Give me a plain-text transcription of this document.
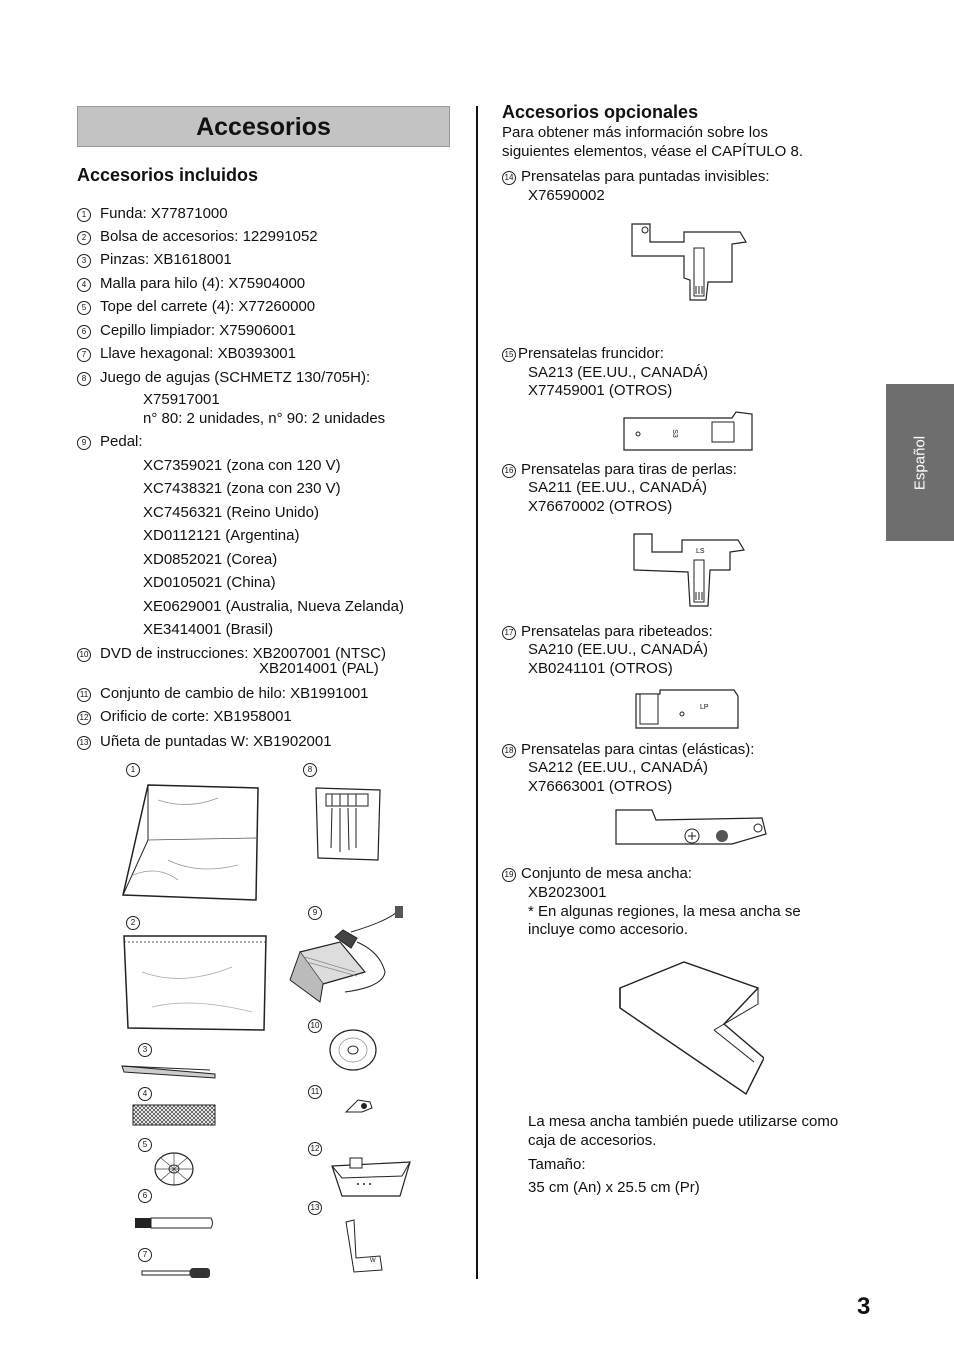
Accesorios
Accesorios incluidos
1 Funda: X77871000
2 Bolsa de accesorios: 122991052
3 Pinzas: XB1618001
4 Malla para hilo (4): X75904000
5 Tope del carrete (4): X77260000
6 Cepillo limpiador: X75906001
7 Llave hexagonal: XB0393001
8 Juego de agujas (SCHMETZ 130/705H):
X75917001
n° 80: 2 unidades, n° 90: 2 unidades
9 Pedal:
XC7359021 (zona con 120 V)
XC7438321 (zona con 230 V)
XC7456321 (Reino Unido)
XD0112121 (Argentina)
XD0852021 (Corea)
XD0105021 (China)
XE0629001 (Australia, Nueva Zelanda)
XE3414001 (Brasil)
10 DVD de instrucciones: XB2007001 (NTSC)
XB2014001 (PAL)
11 Conjunto de cambio de hilo: XB1991001
12 Orificio de corte: XB1958001
13 Uñeta de puntadas W: XB1902001
1
2
3
4
5
6
7
8
9
10
11
12
13
W
Accesorios opcionales
Para obtener más información sobre los
siguientes elementos, véase el CAPÍTULO 8.
14 Prensatelas para puntadas invisibles:
X76590002
15 Prensatelas fruncidor:
SA213 (EE.UU., CANADÁ)
X77459001 (OTROS)
S3
16 Prensatelas para tiras de perlas:
SA211 (EE.UU., CANADÁ)
X76670002 (OTROS)
LS
17 Prensatelas para ribeteados:
SA210 (EE.UU., CANADÁ)
XB0241101 (OTROS)
LP
18 Prensatelas para cintas (elásticas):
SA212 (EE.UU., CANADÁ)
X76663001 (OTROS)
19 Conjunto de mesa ancha:
XB2023001
* En algunas regiones, la mesa ancha se
incluye como accesorio.
La mesa ancha también puede utilizarse como
caja de accesorios.
Tamaño:
35 cm (An) x 25.5 cm (Pr)
Español
3
